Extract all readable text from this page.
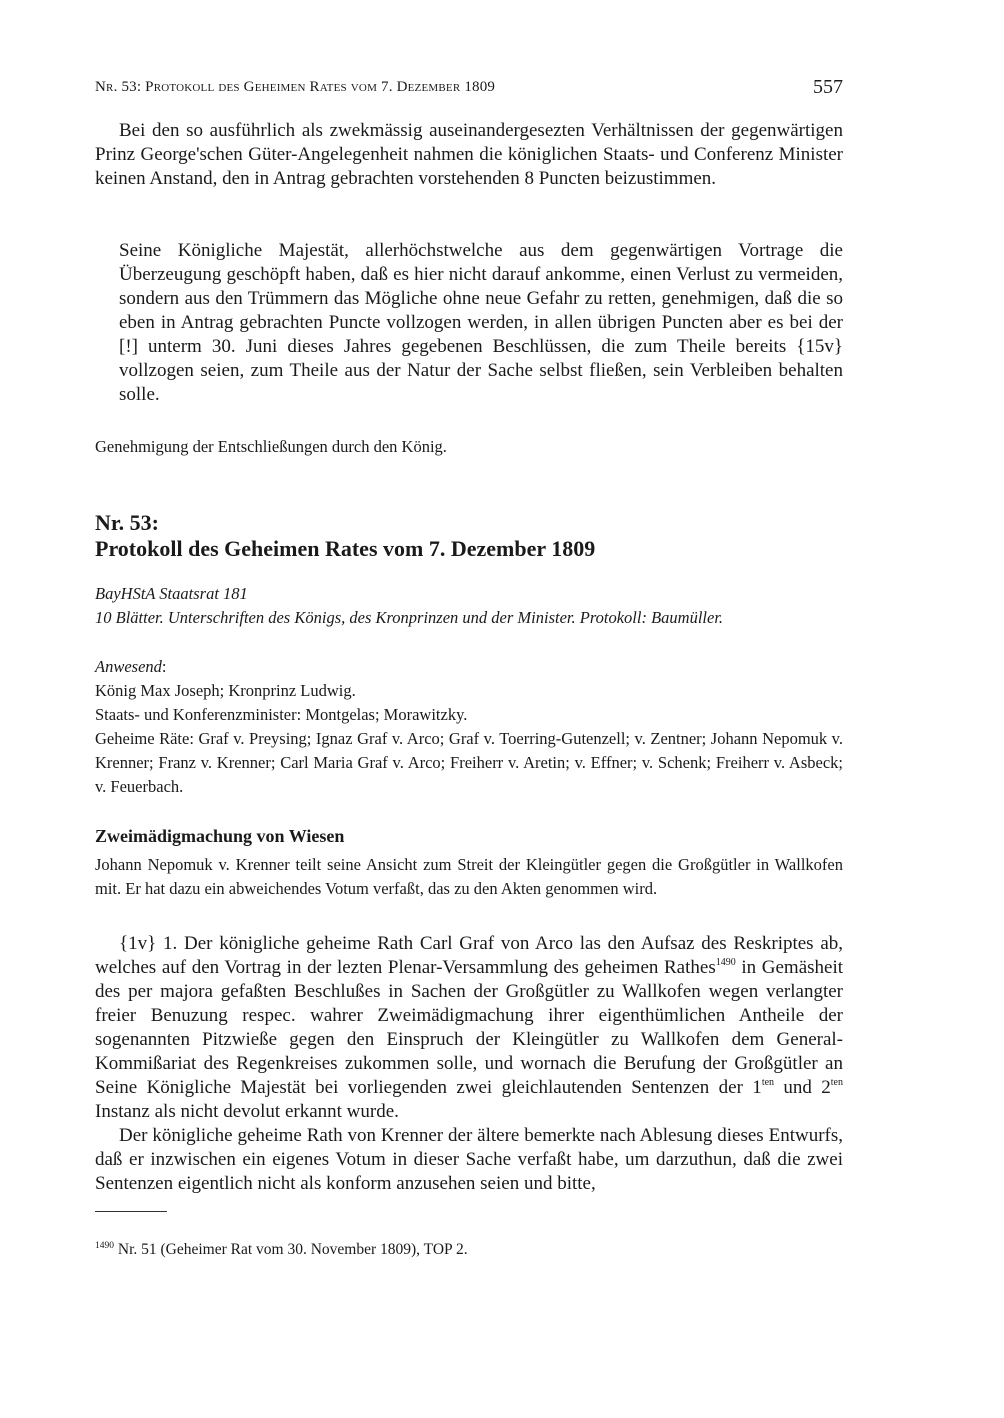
Nr. 53: Protokoll des Geheimen Rates vom 7. Dezember 1809	557

Bei den so ausführlich als zwekmässig auseinandergesezten Verhältnissen der gegenwärtigen Prinz George'schen Güter-Angelegenheit nahmen die königlichen Staats- und Conferenz Minister keinen Anstand, den in Antrag gebrachten vorstehenden 8 Puncten beizustimmen.

Seine Königliche Majestät, allerhöchstwelche aus dem gegenwärtigen Vortrage die Überzeugung geschöpft haben, daß es hier nicht darauf ankomme, einen Verlust zu vermeiden, sondern aus den Trümmern das Mögliche ohne neue Gefahr zu retten, genehmigen, daß die so eben in Antrag gebrachten Puncte vollzogen werden, in allen übrigen Puncten aber es bei der [!] unterm 30. Juni dieses Jahres gegebenen Beschlüssen, die zum Theile bereits {15v} vollzogen seien, zum Theile aus der Natur der Sache selbst fließen, sein Verbleiben behalten solle.

Genehmigung der Entschließungen durch den König.

Nr. 53:

Protokoll des Geheimen Rates vom 7. Dezember 1809

BayHStA Staatsrat 181

10 Blätter. Unterschriften des Königs, des Kronprinzen und der Minister. Protokoll: Baumüller.

Anwesend:

König Max Joseph; Kronprinz Ludwig.

Staats- und Konferenzminister: Montgelas; Morawitzky.

Geheime Räte: Graf v. Preysing; Ignaz Graf v. Arco; Graf v. Toerring-Gutenzell; v. Zentner; Johann Nepomuk v. Krenner; Franz v. Krenner; Carl Maria Graf v. Arco; Freiherr v. Aretin; v. Effner; v. Schenk; Freiherr v. Asbeck; v. Feuerbach.

Zweimädigmachung von Wiesen

Johann Nepomuk v. Krenner teilt seine Ansicht zum Streit der Kleingütler gegen die Großgütler in Wallkofen mit. Er hat dazu ein abweichendes Votum verfaßt, das zu den Akten genommen wird.

{1v} 1. Der königliche geheime Rath Carl Graf von Arco las den Aufsaz des Reskriptes ab, welches auf den Vortrag in der lezten Plenar-Versammlung des geheimen Rathes$^{1490}$ in Gemäsheit des per majora gefaßten Beschlußes in Sachen der Großgütler zu Wallkofen wegen verlangter freier Benuzung respec. wahrer Zweimädigmachung ihrer eigenthümlichen Antheile der sogenannten Pitzwieße gegen den Einspruch der Kleingütler zu Wallkofen dem General-Kommißariat des Regenkreises zukommen solle, und wornach die Berufung der Großgütler an Seine Königliche Majestät bei vorliegenden zwei gleichlautenden Sentenzen der $1^{ten}$ und $2^{ten}$ Instanz als nicht devolut erkannt wurde.

Der königliche geheime Rath von Krenner der ältere bemerkte nach Ablesung dieses Entwurfs, daß er inzwischen ein eigenes Votum in dieser Sache verfaßt habe, um darzuthun, daß die zwei Sentenzen eigentlich nicht als konform anzusehen seien und bitte,

$^{1490}$ Nr. 51 (Geheimer Rat vom 30. November 1809), TOP 2.
